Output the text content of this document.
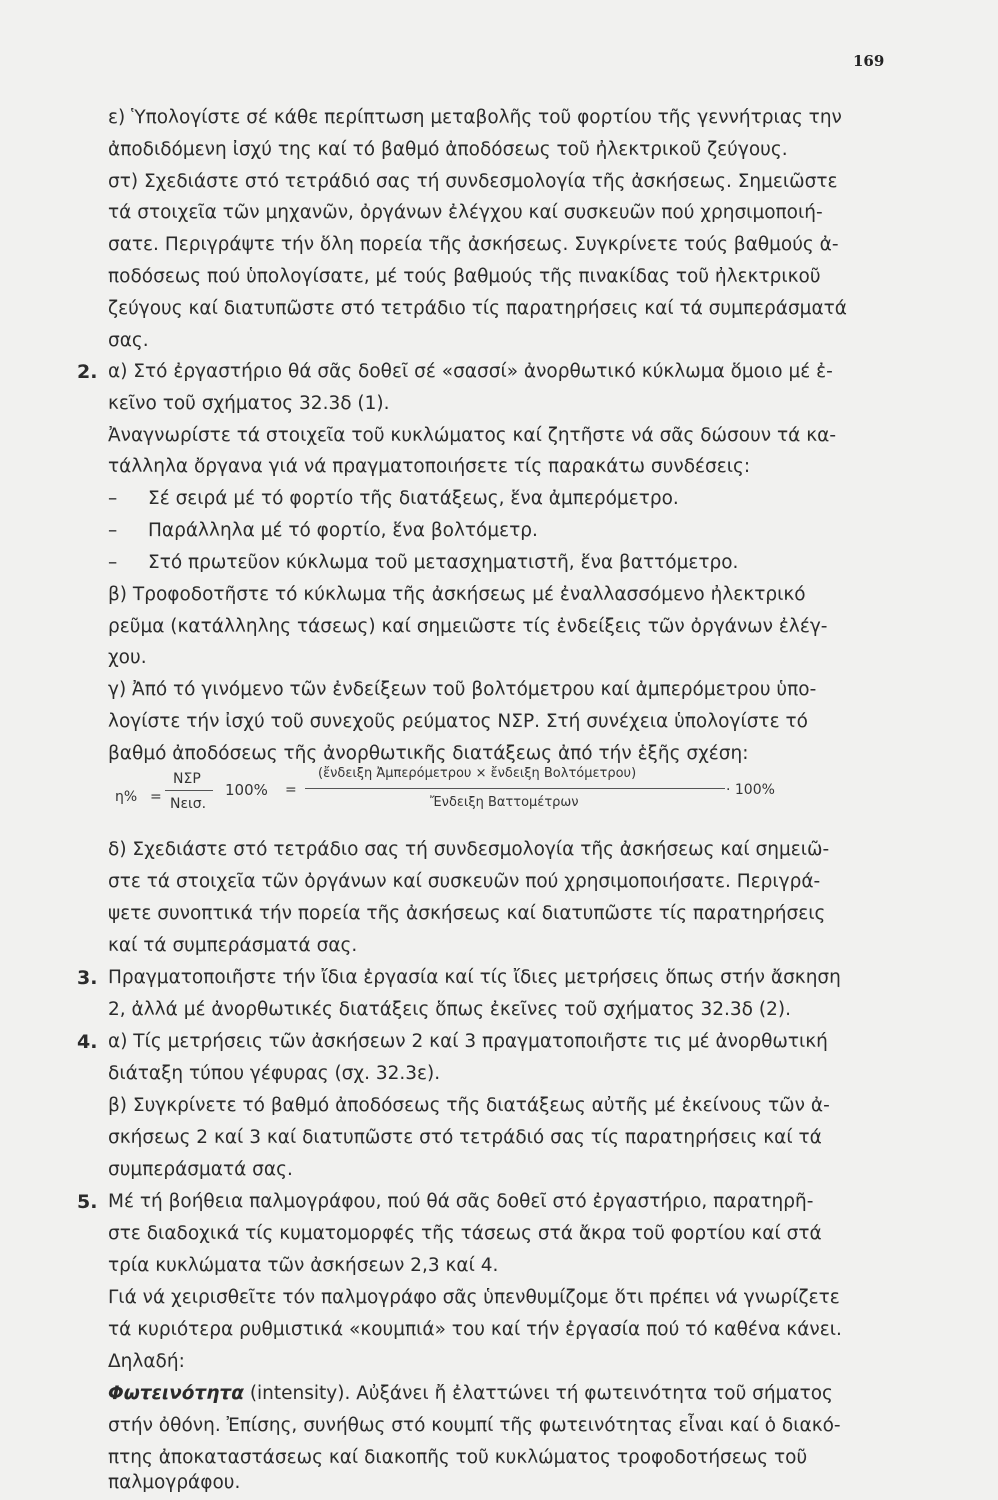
169
ε) Ὑπολογίστε σέ κάθε περίπτωση μεταβολῆς τοῦ φορτίου τῆς γεννήτριας την
ἀποδιδόμενη ἰσχύ της καί τό βαθμό ἀποδόσεως τοῦ ἠλεκτρικοῦ ζεύγους.
στ) Σχεδιάστε στό τετράδιό σας τή συνδεσμολογία τῆς ἀσκήσεως. Σημειῶστε
τά στοιχεῖα τῶν μηχανῶν, ὀργάνων ἐλέγχου καί συσκευῶν πού χρησιμοποιή-
σατε. Περιγράψτε τήν ὅλη πορεία τῆς ἀσκήσεως. Συγκρίνετε τούς βαθμούς ἀ-
ποδόσεως πού ὑπολογίσατε, μέ τούς βαθμούς τῆς πινακίδας τοῦ ἠλεκτρικοῦ
ζεύγους καί διατυπῶστε στό τετράδιο τίς παρατηρήσεις καί τά συμπεράσματά
σας.
2. α) Στό ἐργαστήριο θά σᾶς δοθεῖ σέ «σασσί» ἀνορθωτικό κύκλωμα ὅμοιο μέ ἐ-
κεῖνο τοῦ σχήματος 32.3δ (1).
Ἀναγνωρίστε τά στοιχεῖα τοῦ κυκλώματος καί ζητῆστε νά σᾶς δώσουν τά κα-
τάλληλα ὄργανα γιά νά πραγματοποιήσετε τίς παρακάτω συνδέσεις:
– Σέ σειρά μέ τό φορτίο τῆς διατάξεως, ἕνα ἀμπερόμετρο.
– Παράλληλα μέ τό φορτίο, ἕνα βολτόμετρ.
– Στό πρωτεῦον κύκλωμα τοῦ μετασχηματιστῆ, ἕνα βαττόμετρο.
β) Τροφοδοτῆστε τό κύκλωμα τῆς ἀσκήσεως μέ ἐναλλασσόμενο ἠλεκτρικό
ρεῦμα (κατάλληλης τάσεως) καί σημειῶστε τίς ἐνδείξεις τῶν ὀργάνων ἐλέγ-
χου.
γ) Ἀπό τό γινόμενο τῶν ἐνδείξεων τοῦ βολτόμετρου καί ἀμπερόμετρου ὑπο-
λογίστε τήν ἰσχύ τοῦ συνεχοῦς ρεύματος NΣΡ. Στή συνέχεια ὑπολογίστε τό
βαθμό ἀποδόσεως τῆς ἀνορθωτικῆς διατάξεως ἀπό τήν ἑξῆς σχέση:
η% =
NΣΡ
Nεισ.
100% =
(ἔνδειξη Ἀμπερόμετρου × ἔνδειξη Βολτόμετρου)
Ἔνδειξη Βαττομέτρων
· 100%
δ) Σχεδιάστε στό τετράδιο σας τή συνδεσμολογία τῆς ἀσκήσεως καί σημειῶ-
στε τά στοιχεῖα τῶν ὀργάνων καί συσκευῶν πού χρησιμοποιήσατε. Περιγρά-
ψετε συνοπτικά τήν πορεία τῆς ἀσκήσεως καί διατυπῶστε τίς παρατηρήσεις
καί τά συμπεράσματά σας.
3. Πραγματοποιῆστε τήν ἴδια ἐργασία καί τίς ἴδιες μετρήσεις ὅπως στήν ἄσκηση
2, ἀλλά μέ ἀνορθωτικές διατάξεις ὅπως ἐκεῖνες τοῦ σχήματος 32.3δ (2).
4. α) Τίς μετρήσεις τῶν ἀσκήσεων 2 καί 3 πραγματοποιῆστε τις μέ ἀνορθωτική
διάταξη τύπου γέφυρας (σχ. 32.3ε).
β) Συγκρίνετε τό βαθμό ἀποδόσεως τῆς διατάξεως αὐτῆς μέ ἐκείνους τῶν ἀ-
σκήσεως 2 καί 3 καί διατυπῶστε στό τετράδιό σας τίς παρατηρήσεις καί τά
συμπεράσματά σας.
5. Μέ τή βοήθεια παλμογράφου, πού θά σᾶς δοθεῖ στό ἐργαστήριο, παρατηρῆ-
στε διαδοχικά τίς κυματομορφές τῆς τάσεως στά ἄκρα τοῦ φορτίου καί στά
τρία κυκλώματα τῶν ἀσκήσεων 2,3 καί 4.
Γιά νά χειρισθεῖτε τόν παλμογράφο σᾶς ὑπενθυμίζομε ὅτι πρέπει νά γνωρίζετε
τά κυριότερα ρυθμιστικά «κουμπιά» του καί τήν ἐργασία πού τό καθένα κάνει.
Δηλαδή:
Φωτεινότητα (intensity). Αὐξάνει ἤ ἐλαττώνει τή φωτεινότητα τοῦ σήματος
στήν ὀθόνη. Ἐπίσης, συνήθως στό κουμπί τῆς φωτεινότητας εἶναι καί ὁ διακό-
πτης ἀποκαταστάσεως καί διακοπῆς τοῦ κυκλώματος τροφοδοτήσεως τοῦ
παλμογράφου.
